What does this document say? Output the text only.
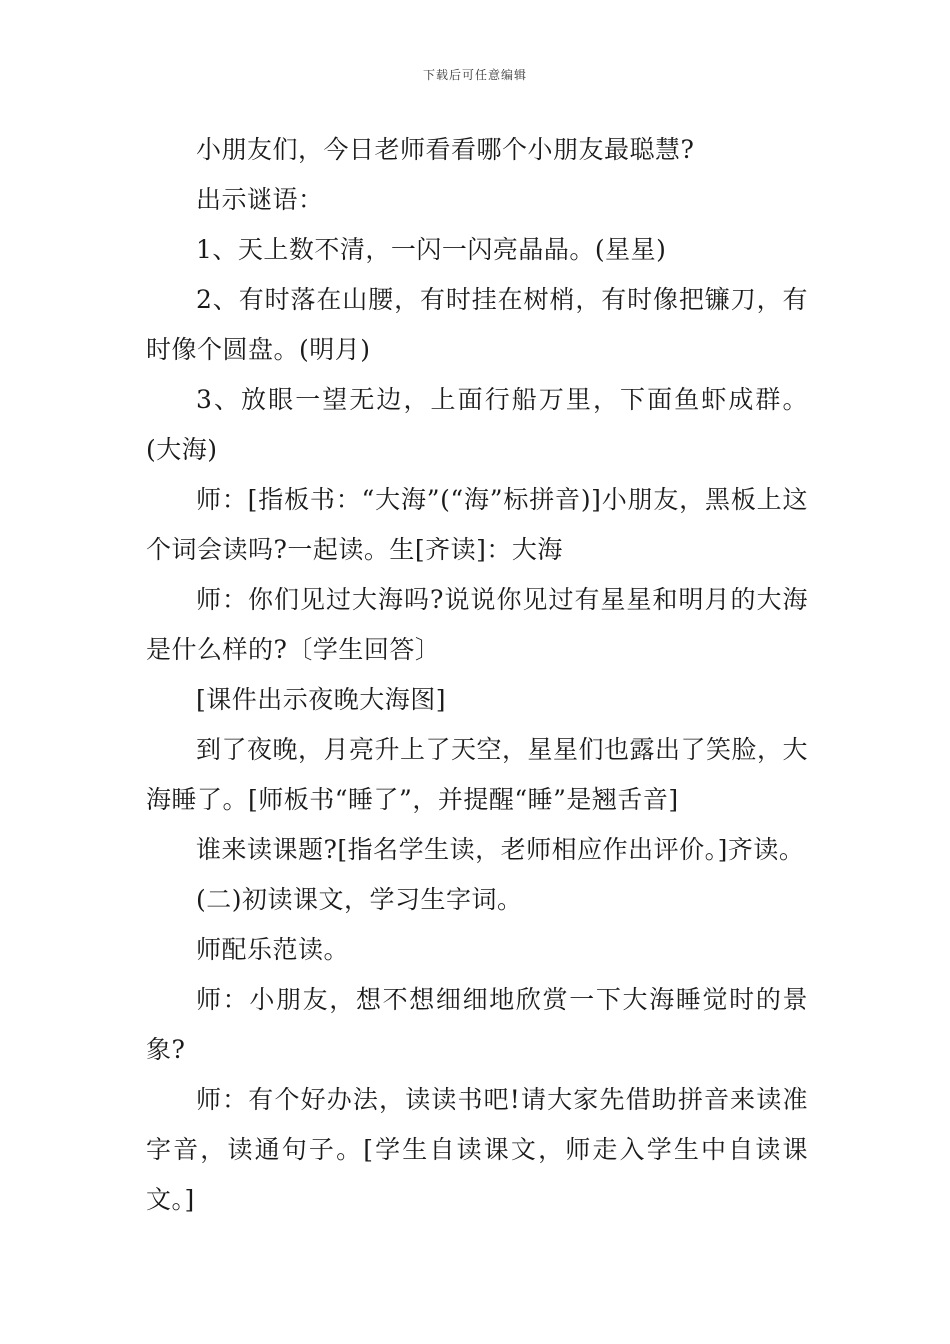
下载后可任意编辑

小朋友们，今日老师看看哪个小朋友最聪慧?

出示谜语：

1、天上数不清，一闪一闪亮晶晶。(星星)

2、有时落在山腰，有时挂在树梢，有时像把镰刀，有时像个圆盘。(明月)

3、放眼一望无边，上面行船万里，下面鱼虾成群。(大海)

师：[指板书：“大海”(“海”标拼音)]小朋友，黑板上这个词会读吗?一起读。生[齐读]：大海

师：你们见过大海吗?说说你见过有星星和明月的大海是什么样的?〔学生回答〕

[课件出示夜晚大海图]

到了夜晚，月亮升上了天空，星星们也露出了笑脸，大海睡了。[师板书“睡了”，并提醒“睡”是翘舌音]

谁来读课题?[指名学生读，老师相应作出评价。]齐读。

(二)初读课文，学习生字词。

师配乐范读。

师：小朋友，想不想细细地欣赏一下大海睡觉时的景象?

师：有个好办法，读读书吧!请大家先借助拼音来读准字音，读通句子。[学生自读课文，师走入学生中自读课文。]
